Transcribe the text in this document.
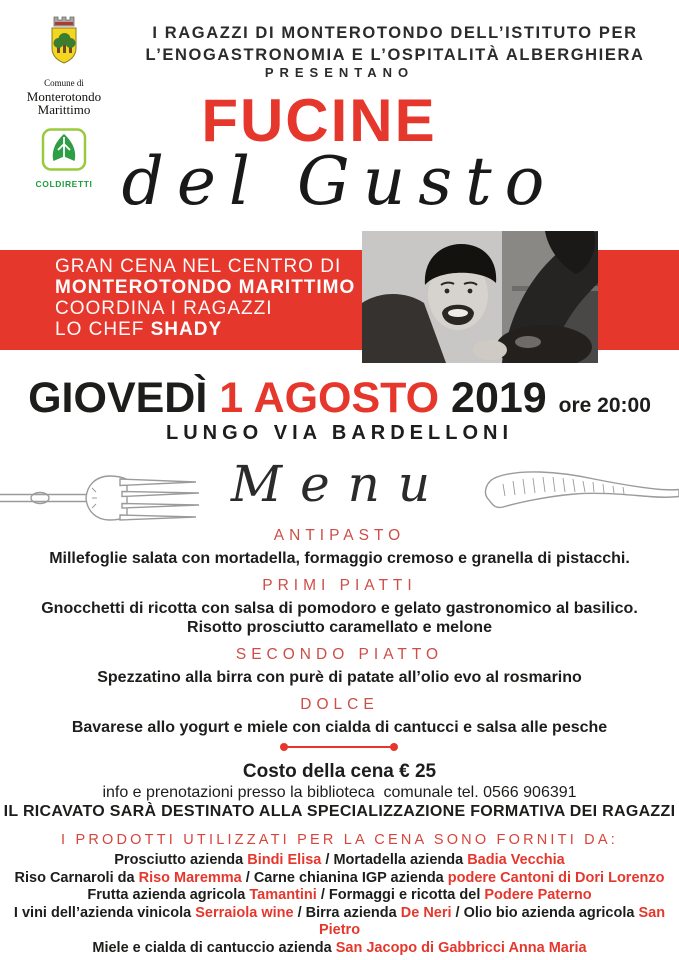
Comune di
Monterotondo
Marittimo
COLDIRETTI
I RAGAZZI DI MONTEROTONDO DELL’ISTITUTO PER
L’ENOGASTRONOMIA E L’OSPITALITÀ ALBERGHIERA
PRESENTANO
FUCINE
del Gusto
GRAN CENA NEL CENTRO DI
MONTEROTONDO MARITTIMO
COORDINA I RAGAZZI
LO CHEF SHADY
GIOVEDÌ 1 AGOSTO 2019 ore 20:00
LUNGO VIA BARDELLONI
Menu
ANTIPASTO
Millefoglie salata con mortadella, formaggio cremoso e granella di pistacchi.
PRIMI PIATTI
Gnocchetti di ricotta con salsa di pomodoro e gelato gastronomico al basilico.
Risotto prosciutto caramellato e melone
SECONDO PIATTO
Spezzatino alla birra con purè di patate all’olio evo al rosmarino
DOLCE
Bavarese allo yogurt e miele con cialda di cantucci e salsa alle pesche
Costo della cena € 25
info e prenotazioni presso la biblioteca  comunale tel. 0566 906391
IL RICAVATO SARÀ DESTINATO ALLA SPECIALIZZAZIONE FORMATIVA DEI RAGAZZI
I PRODOTTI UTILIZZATI PER LA CENA SONO FORNITI DA:
Prosciutto azienda Bindi Elisa / Mortadella azienda Badia Vecchia
Riso Carnaroli da Riso Maremma / Carne chianina IGP azienda podere Cantoni di Dori Lorenzo
Frutta azienda agricola Tamantini / Formaggi e ricotta del Podere Paterno
I vini dell’azienda vinicola Serraiola wine / Birra azienda De Neri / Olio bio azienda agricola San Pietro
Miele e cialda di cantuccio azienda San Jacopo di Gabbricci Anna Maria
